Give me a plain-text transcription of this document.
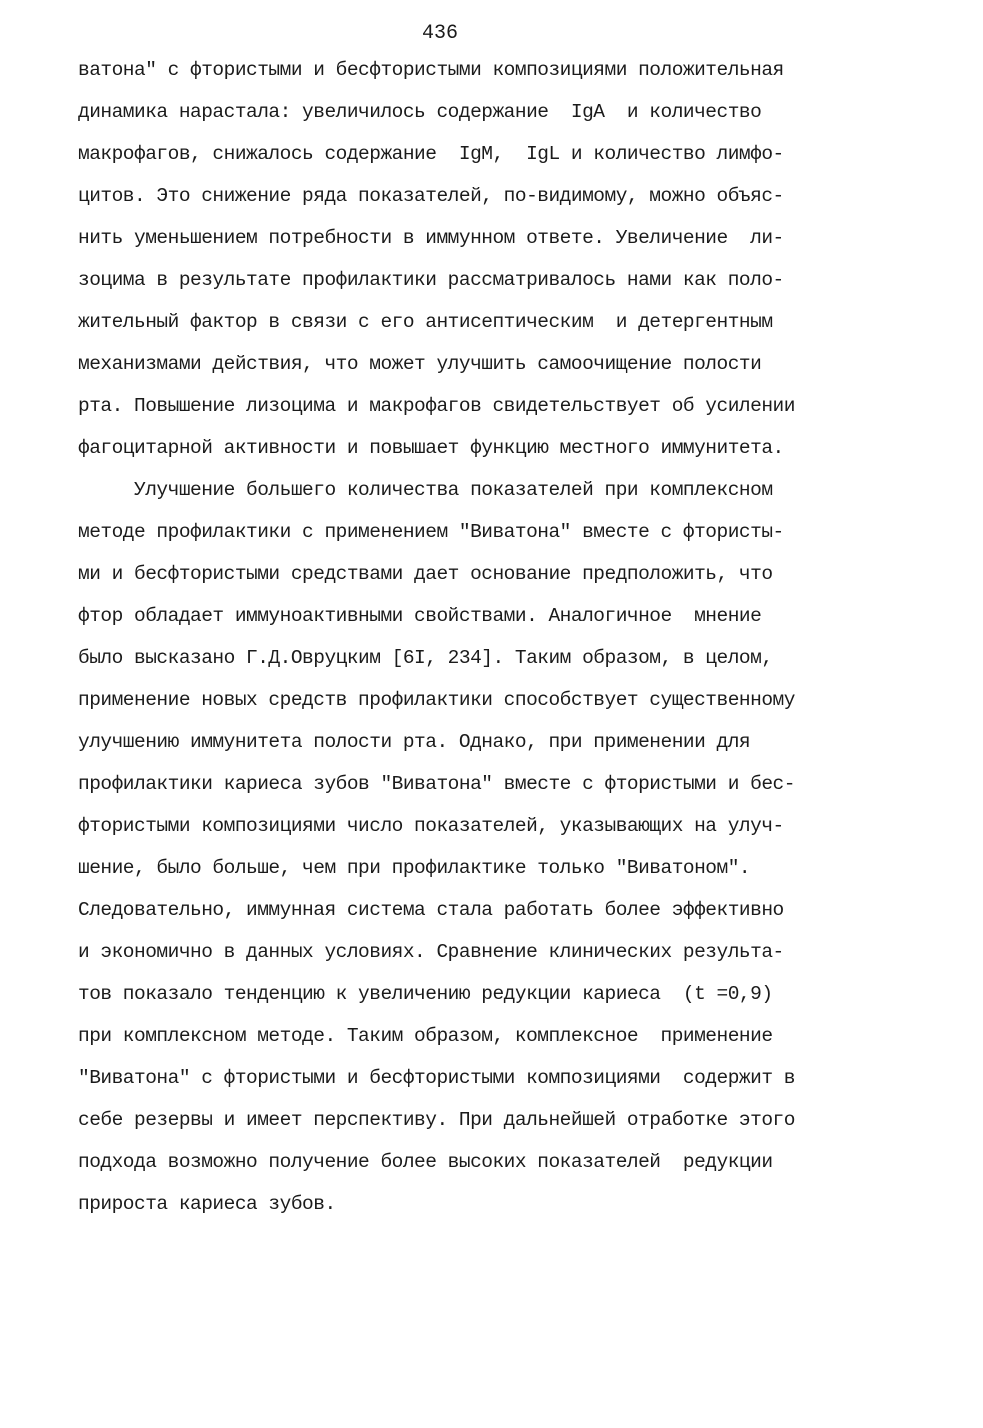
436
ватона" с фтористыми и бесфтористыми композициями положительная
динамика нарастала: увеличилось содержание  IgA  и количество
макрофагов, снижалось содержание  IgM,  IgL и количество лимфо-
цитов. Это снижение ряда показателей, по-видимому, можно объяс-
нить уменьшением потребности в иммунном ответе. Увеличение  ли-
зоцима в результате профилактики рассматривалось нами как поло-
жительный фактор в связи с его антисептическим  и детергентным
механизмами действия, что может улучшить самоочищение полости
рта. Повышение лизоцима и макрофагов свидетельствует об усилении
фагоцитарной активности и повышает функцию местного иммунитета.
Улучшение большего количества показателей при комплексном
методе профилактики с применением "Виватона" вместе с фтористы-
ми и бесфтористыми средствами дает основание предположить, что
фтор обладает иммуноактивными свойствами. Аналогичное  мнение
было высказано Г.Д.Овруцким [6I, 234]. Таким образом, в целом,
применение новых средств профилактики способствует существенному
улучшению иммунитета полости рта. Однако, при применении для
профилактики кариеса зубов "Виватона" вместе с фтористыми и бес-
фтористыми композициями число показателей, указывающих на улуч-
шение, было больше, чем при профилактике только "Виватоном".
Следовательно, иммунная система стала работать более эффективно
и экономично в данных условиях. Сравнение клинических результа-
тов показало тенденцию к увеличению редукции кариеса  (t =0,9)
при комплексном методе. Таким образом, комплексное  применение
"Виватона" с фтористыми и бесфтористыми композициями  содержит в
себе резервы и имеет перспективу. При дальнейшей отработке этого
подхода возможно получение более высоких показателей  редукции
прироста кариеса зубов.
